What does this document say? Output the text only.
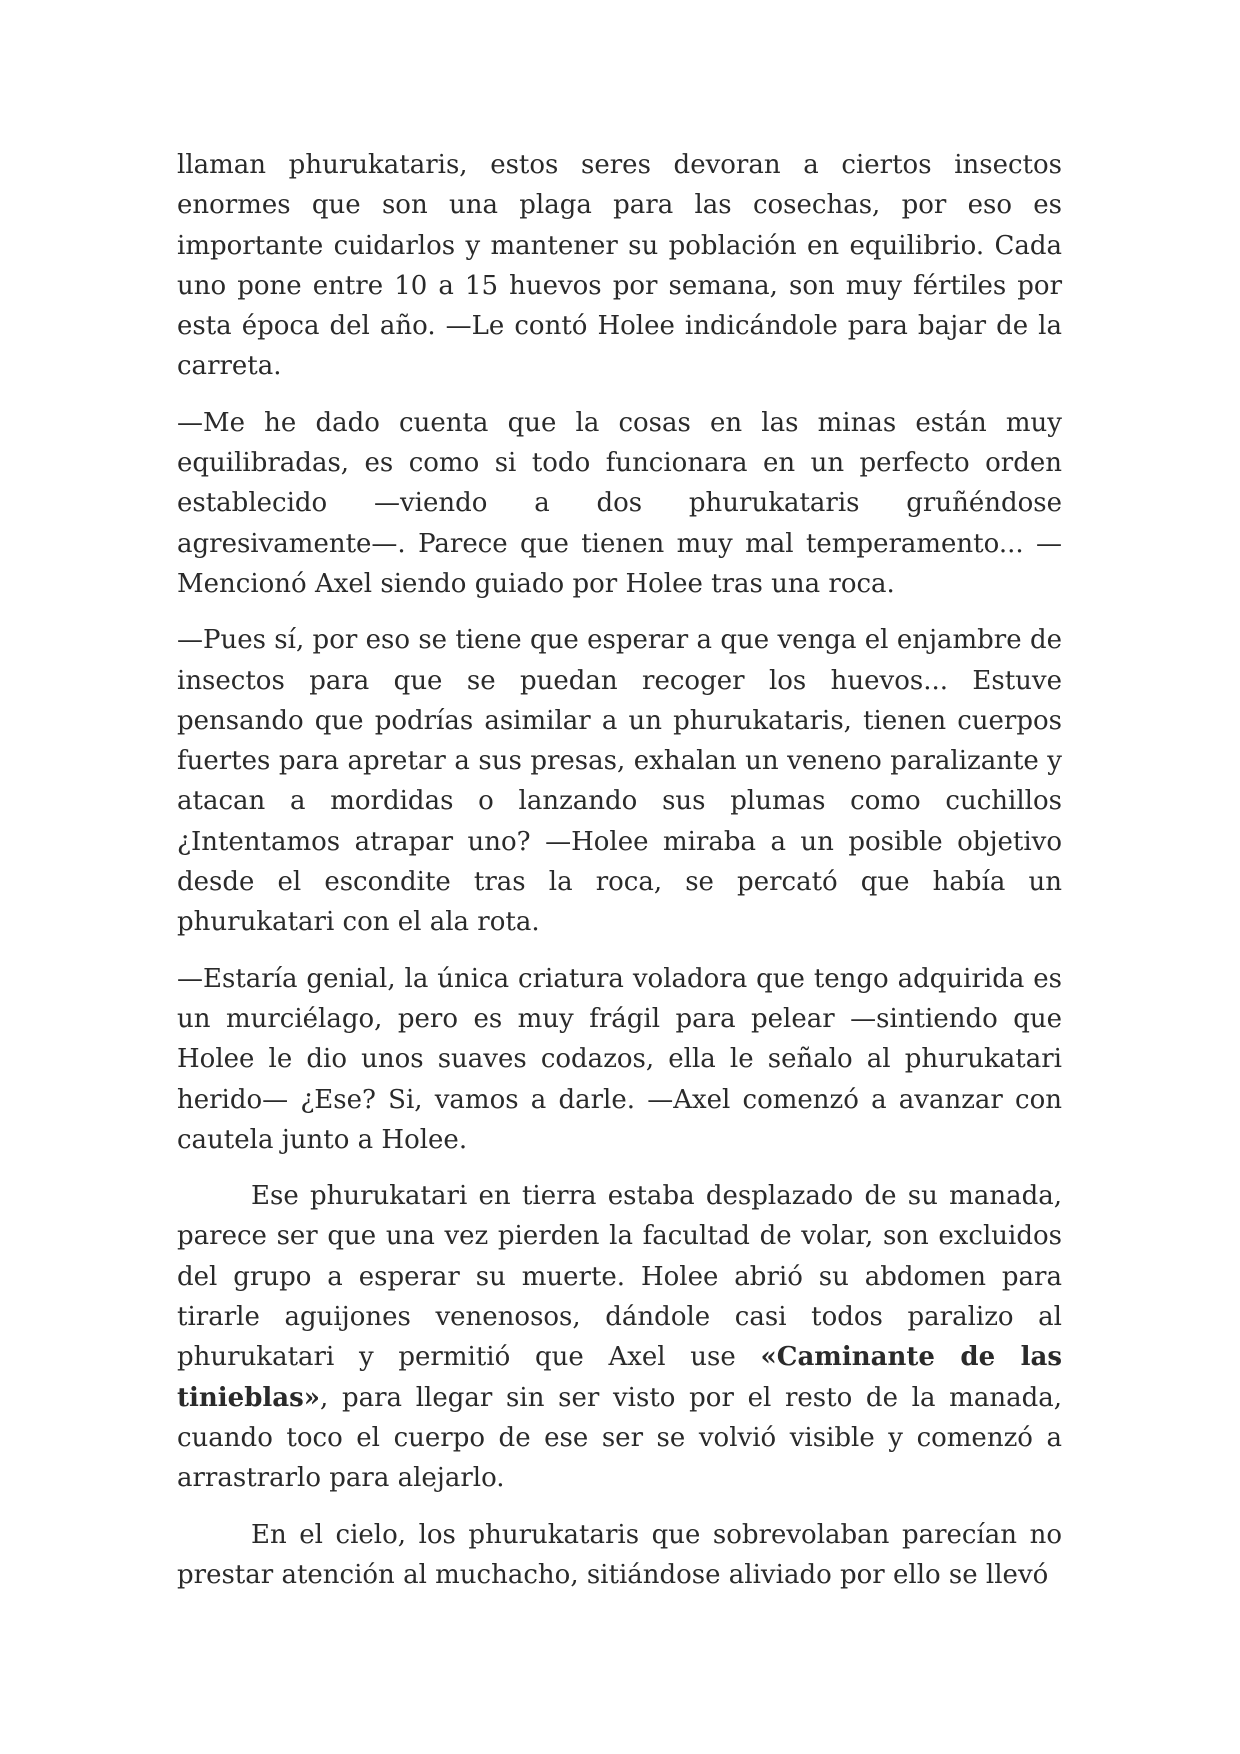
llaman phurukataris, estos seres devoran a ciertos insectos enormes que son una plaga para las cosechas, por eso es importante cuidarlos y mantener su población en equilibrio. Cada uno pone entre 10 a 15 huevos por semana, son muy fértiles por esta época del año. —Le contó Holee indicándole para bajar de la carreta.

—Me he dado cuenta que la cosas en las minas están muy equilibradas, es como si todo funcionara en un perfecto orden establecido —viendo a dos phurukataris gruñéndose agresivamente—. Parece que tienen muy mal temperamento... —Mencionó Axel siendo guiado por Holee tras una roca.

—Pues sí, por eso se tiene que esperar a que venga el enjambre de insectos para que se puedan recoger los huevos... Estuve pensando que podrías asimilar a un phurukataris, tienen cuerpos fuertes para apretar a sus presas, exhalan un veneno paralizante y atacan a mordidas o lanzando sus plumas como cuchillos ¿Intentamos atrapar uno? —Holee miraba a un posible objetivo desde el escondite tras la roca, se percató que había un phurukatari con el ala rota.

—Estaría genial, la única criatura voladora que tengo adquirida es un murciélago, pero es muy frágil para pelear —sintiendo que Holee le dio unos suaves codazos, ella le señalo al phurukatari herido— ¿Ese? Si, vamos a darle. —Axel comenzó a avanzar con cautela junto a Holee.

Ese phurukatari en tierra estaba desplazado de su manada, parece ser que una vez pierden la facultad de volar, son excluidos del grupo a esperar su muerte. Holee abrió su abdomen para tirarle aguijones venenosos, dándole casi todos paralizo al phurukatari y permitió que Axel use «Caminante de las tinieblas», para llegar sin ser visto por el resto de la manada, cuando toco el cuerpo de ese ser se volvió visible y comenzó a arrastrarlo para alejarlo.

En el cielo, los phurukataris que sobrevolaban parecían no prestar atención al muchacho, sitiándose aliviado por ello se llevó
